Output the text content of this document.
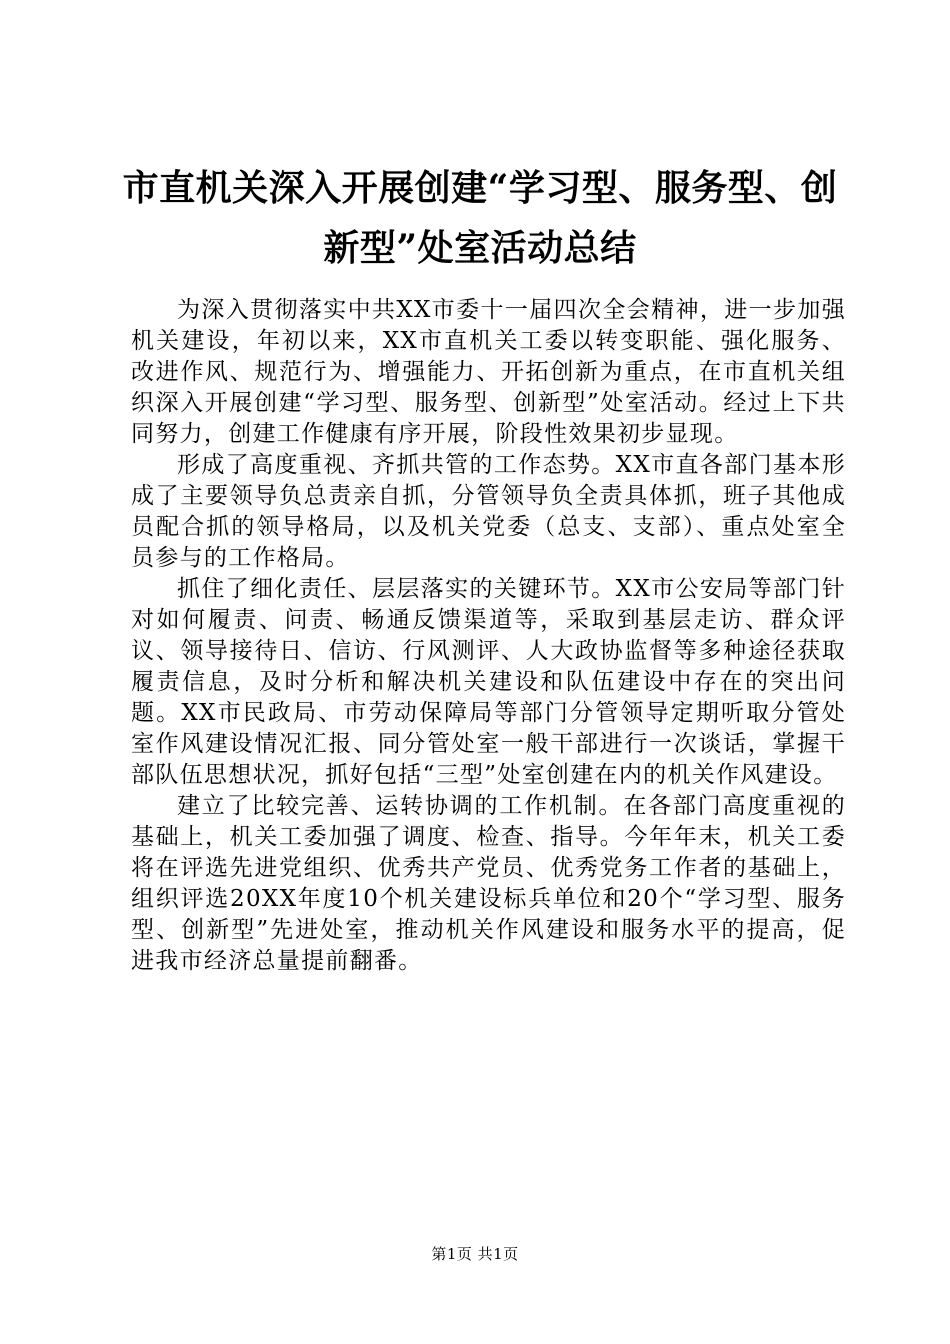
市直机关深入开展创建“学习型、服务型、创新型”处室活动总结

为深入贯彻落实中共XX市委十一届四次全会精神，进一步加强机关建设，年初以来，XX市直机关工委以转变职能、强化服务、改进作风、规范行为、增强能力、开拓创新为重点，在市直机关组织深入开展创建“学习型、服务型、创新型”处室活动。经过上下共同努力，创建工作健康有序开展，阶段性效果初步显现。

形成了高度重视、齐抓共管的工作态势。XX市直各部门基本形成了主要领导负总责亲自抓，分管领导负全责具体抓，班子其他成员配合抓的领导格局，以及机关党委（总支、支部）、重点处室全员参与的工作格局。

抓住了细化责任、层层落实的关键环节。XX市公安局等部门针对如何履责、问责、畅通反馈渠道等，采取到基层走访、群众评议、领导接待日、信访、行风测评、人大政协监督等多种途径获取履责信息，及时分析和解决机关建设和队伍建设中存在的突出问题。XX市民政局、市劳动保障局等部门分管领导定期听取分管处室作风建设情况汇报、同分管处室一般干部进行一次谈话，掌握干部队伍思想状况，抓好包括“三型”处室创建在内的机关作风建设。

建立了比较完善、运转协调的工作机制。在各部门高度重视的基础上，机关工委加强了调度、检查、指导。今年年末，机关工委将在评选先进党组织、优秀共产党员、优秀党务工作者的基础上，组织评选20XX年度10个机关建设标兵单位和20个“学习型、服务型、创新型”先进处室，推动机关作风建设和服务水平的提高，促进我市经济总量提前翻番。

第1页 共1页
